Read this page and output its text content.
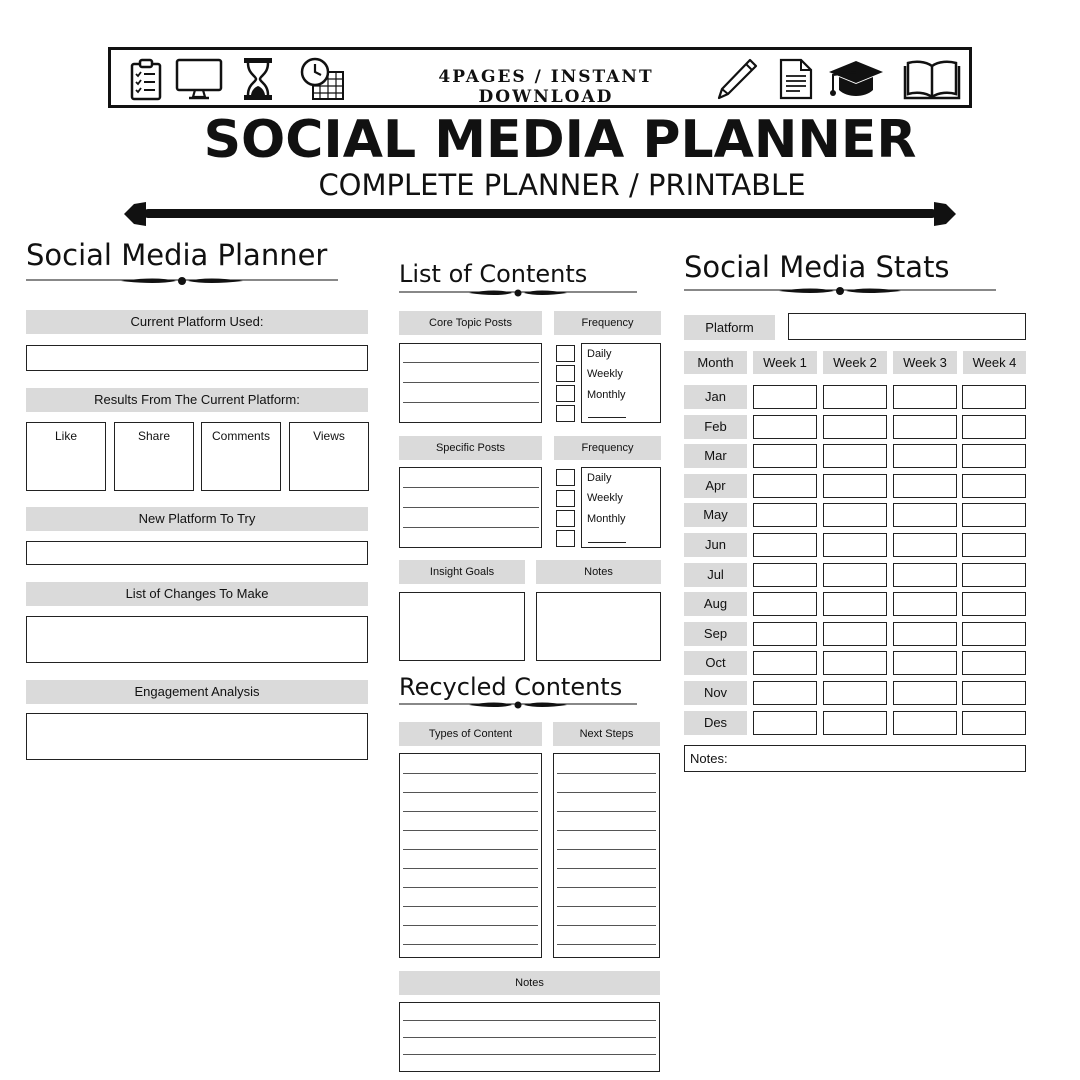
4PAGES / INSTANT DOWNLOAD
SOCIAL MEDIA PLANNER
COMPLETE PLANNER / PRINTABLE
Social Media Planner
Current Platform Used:
Results From The Current Platform:
Like	Share	Comments	Views
New Platform To Try
List of Changes To Make
Engagement Analysis
List of Contents
Core Topic Posts	Frequency
Daily
Weekly
Monthly
Specific Posts	Frequency
Daily
Weekly
Monthly
Insight Goals	Notes
Recycled Contents
Types of Content	Next Steps
Notes
Social Media Stats
Platform
Month	Week 1	Week 2	Week 3	Week 4
Jan
Feb
Mar
Apr
May
Jun
Jul
Aug
Sep
Oct
Nov
Des
Notes:
